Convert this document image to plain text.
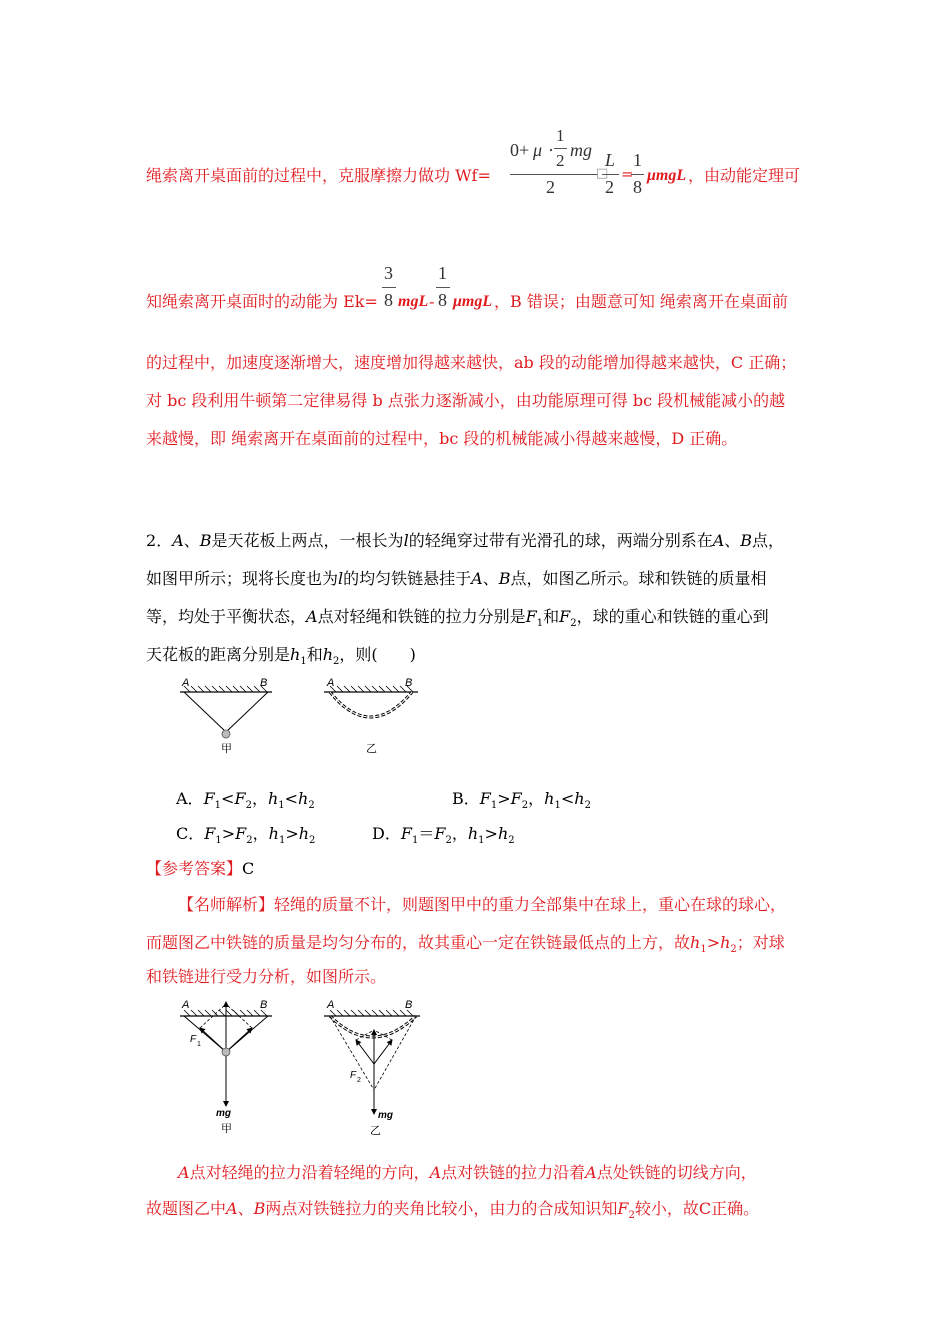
绳索离开桌面前的过程中，克服摩擦力做功 Wf=
0+ μ ·
1
2
mg
2
□
L
2
=
1
8
μmgL ，由动能定理可
知绳索离开桌面时的动能为 Ek=
3
8 mgL -
1
8 μmgL ，B 错误；由题意可知 绳索离开在桌面前
的过程中，加速度逐渐增大，速度增加得越来越快，ab 段的动能增加得越来越快，C 正确；
对 bc 段利用牛顿第二定律易得 b 点张力逐渐减小，由功能原理可得 bc 段机械能减小的越
来越慢，即 绳索离开在桌面前的过程中，bc 段的机械能减小得越来越慢，D 正确。
2．A、B是天花板上两点，一根长为l的轻绳穿过带有光滑孔的球，两端分别系在A、B点，
如图甲所示；现将长度也为l的均匀铁链悬挂于A、B点，如图乙所示。球和铁链的质量相
等，均处于平衡状态，A点对轻绳和铁链的拉力分别是$F_1$和$F_2$，球的重心和铁链的重心到
天花板的距离分别是$h_1$和$h_2$，则(　　)
A	B
甲
A	B
乙
A．$F_1<F_2$，$h_1<h_2$	B．$F_1>F_2$，$h_1<h_2$
C．$F_1>F_2$，$h_1>h_2$	D．$F_1=F_2$，$h_1>h_2$
【参考答案】C
【名师解析】轻绳的质量不计，则题图甲中的重力全部集中在球上，重心在球的球心，
而题图乙中铁链的质量是均匀分布的，故其重心一定在铁链最低点的上方，故$h_1>h_2$；对球
和铁链进行受力分析，如图所示。
A	B
F 1
mg
甲
A	B
F 2
mg
乙
A点对轻绳的拉力沿着轻绳的方向，A点对铁链的拉力沿着A点处铁链的切线方向，
故题图乙中A、B两点对铁链拉力的夹角比较小，由力的合成知识知$F_2$较小，故C正确。
